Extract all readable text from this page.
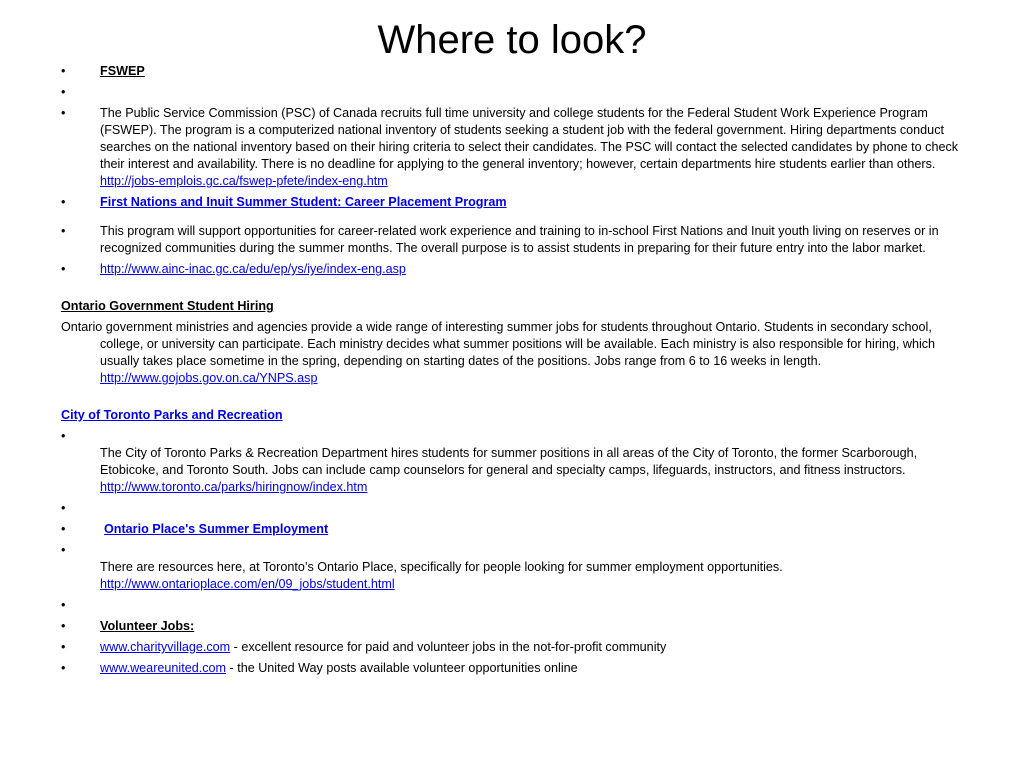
Where to look?
•	FSWEP
•
•	The Public Service Commission (PSC) of Canada recruits full time university and college students for the Federal Student Work Experience Program (FSWEP). The program is a computerized national inventory of students seeking a student job with the federal government. Hiring departments conduct searches on the national inventory based on their hiring criteria to select their candidates. The PSC will contact the selected candidates by phone to check their interest and availability. There is no deadline for applying to the general inventory; however, certain departments hire students earlier than others. http://jobs-emplois.gc.ca/fswep-pfete/index-eng.htm
•	First Nations and Inuit Summer Student: Career Placement Program
•	This program will support opportunities for career-related work experience and training to in-school First Nations and Inuit youth living on reserves or in recognized communities during the summer months. The overall purpose is to assist students in preparing for their future entry into the labor market.
•	http://www.ainc-inac.gc.ca/edu/ep/ys/iye/index-eng.asp
Ontario Government Student Hiring
Ontario government ministries and agencies provide a wide range of interesting summer jobs for students throughout Ontario. Students in secondary school, college, or university can participate. Each ministry decides what summer positions will be available. Each ministry is also responsible for hiring, which usually takes place sometime in the spring, depending on starting dates of the positions. Jobs range from 6 to 16 weeks in length. http://www.gojobs.gov.on.ca/YNPS.asp
City of Toronto Parks and Recreation
•
The City of Toronto Parks & Recreation Department hires students for summer positions in all areas of the City of Toronto, the former Scarborough, Etobicoke, and Toronto South. Jobs can include camp counselors for general and specialty camps, lifeguards, instructors, and fitness instructors. http://www.toronto.ca/parks/hiringnow/index.htm
•
•	Ontario Place's Summer Employment
•
There are resources here, at Toronto’s Ontario Place, specifically for people looking for summer employment opportunities.
http://www.ontarioplace.com/en/09_jobs/student.html
•
•	Volunteer Jobs:
•	www.charityvillage.com - excellent resource for paid and volunteer jobs in the not-for-profit community
•	www.weareunited.com - the United Way posts available volunteer opportunities online
